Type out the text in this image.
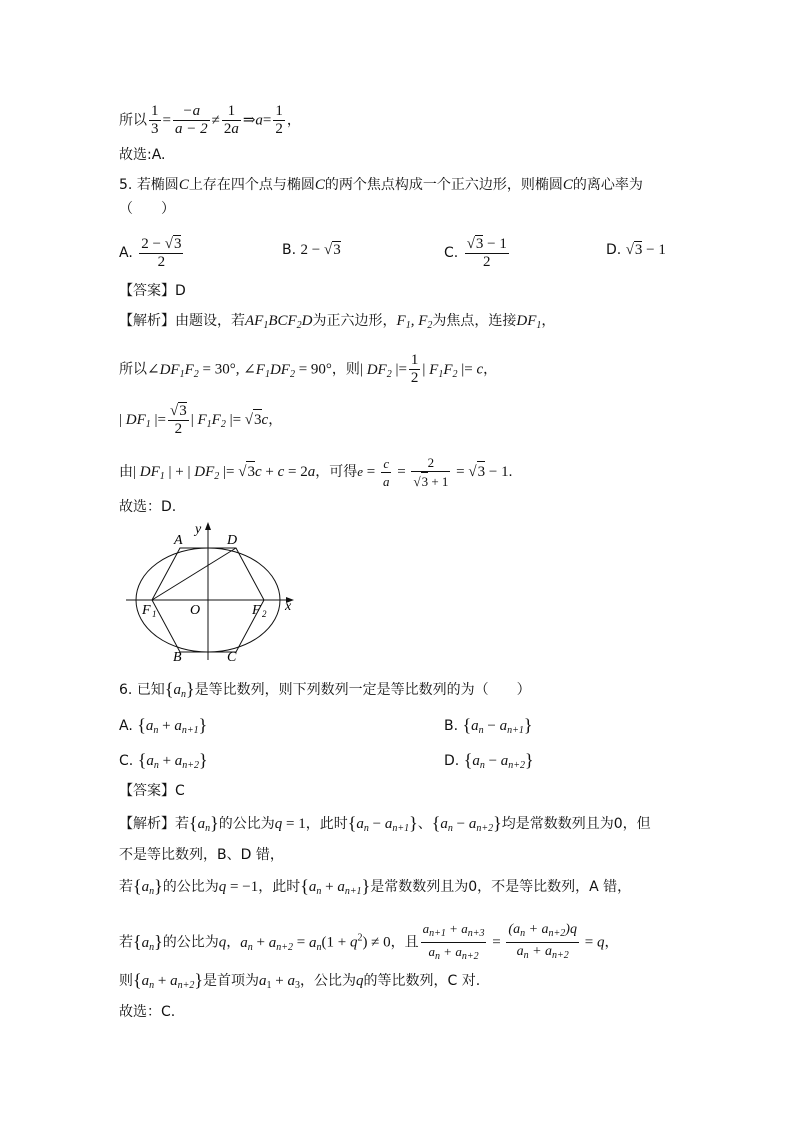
所以 $\frac{1}{3} = \frac{-a}{a - 2} \ne \frac{1}{2a}$ ⇒a= $\frac{1}{2}$ ，
故选:A.
5. 若椭圆C上存在四个点与椭圆C的两个焦点构成一个正六边形，则椭圆C的离心率为
（　　）
A. $\frac{2 - √3}{2}$	B. 2 − √3	C. $\frac{√3 - 1}{2}$	D. √3 − 1
【答案】D
【解析】由题设，若$AF_1BCF_2D$为正六边形，$F_1$, $F_2$为焦点，连接$DF_1$，
所以$\angle DF_1F_2 = 30^\circ$, $\angle F_1DF_2 = 90^\circ$，则| $DF_2$ |= $\frac{1}{2}$ | $F_1F_2$ |= c，
| $DF_1$ |= $\frac{√3}{2}$ | $F_1F_2$ |= √3c，
由| $DF_1$ | + | $DF_2$ |= √3c + c = 2a，可得$e = \frac{c}{a} = \frac{2}{√3 + 1} = √3 - 1$.
故选：D.
y
A	D
F 1 O	F 2 x
B	C
6. 已知$\{a_n\}$是等比数列，则下列数列一定是等比数列的为（　　）
A. $\{a_n + a_{n+1}\}$	B. $\{a_n - a_{n+1}\}$
C. $\{a_n + a_{n+2}\}$	D. $\{a_n - a_{n+2}\}$
【答案】C
【解析】若$\{a_n\}$的公比为q = 1，此时$\{a_n - a_{n+1}\}$、$\{a_n - a_{n+2}\}$均是常数数列且为0，但
不是等比数列，B、D 错，
若$\{a_n\}$的公比为q = −1，此时$\{a_n + a_{n+1}\}$是常数数列且为0，不是等比数列，A 错，
若$\{a_n\}$的公比为q，$a_n + a_{n+2} = a_n(1 + q^2) \ne 0$，且 $\frac{a_{n+1} + a_{n+3}}{a_n + a_{n+2}} = \frac{(a_n + a_{n+2})q}{a_n + a_{n+2}} = q$，
则$\{a_n + a_{n+2}\}$是首项为$a_1 + a_3$，公比为q的等比数列，C 对.
故选：C.
